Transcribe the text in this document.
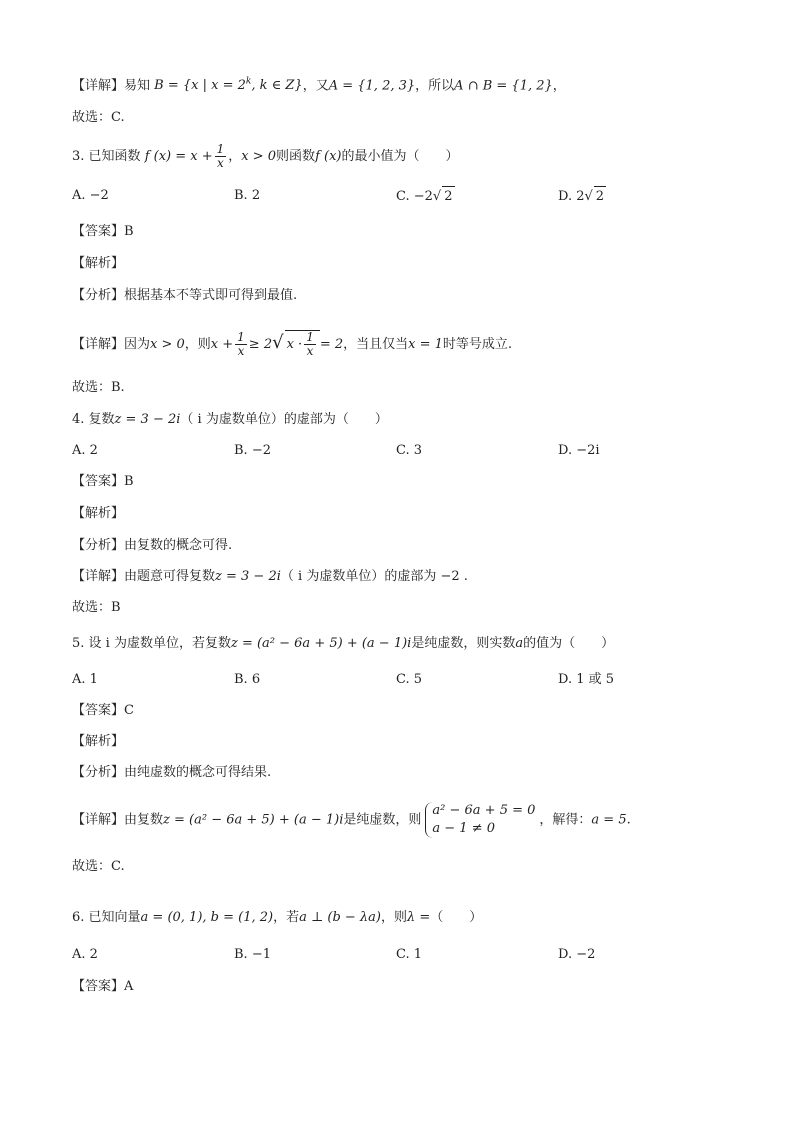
【详解】易知 B = {x | $x = 2^k$, k ∈ Z}，又A = {1, 2, 3}，所以A ∩ B = {1, 2}，
故选：C.
3. 已知函数 f $(x) = x + \frac{1}{x}$ ，x > 0则函数f (x)的最小值为（　　）
A. −2	B. 2	C. −2√ 2	D. 2√ 2
【答案】B
【解析】
【分析】根据基本不等式即可得到最值.
【详解】因为x > 0，则$x + \frac{1}{x} \ge 2√$ $x \cdot \frac{1}{x} = 2$，当且仅当x = 1时等号成立.
故选：B.
4. 复数z = 3 − 2i（ i 为虚数单位）的虚部为（　　）
A. 2	B. −2	C. 3	D. −2i
【答案】B
【解析】
【分析】由复数的概念可得.
【详解】由题意可得复数z = 3 − 2i（ i 为虚数单位）的虚部为 −2 .
故选：B
5. 设 i 为虚数单位，若复数z = (a² − 6a + 5) + (a − 1)i是纯虚数，则实数a的值为（　　）
A. 1	B. 6	C. 5	D. 1 或 5
【答案】C
【解析】
【分析】由纯虚数的概念可得结果.
【详解】由复数z = (a² − 6a + 5) + (a − 1)i是纯虚数，则
a² − 6a + 5 = 0
a − 1 ≠ 0
，解得：a = 5.
故选：C.
6. 已知向量a = (0, 1), b = (1, 2)，若a ⊥ (b − λa)，则λ =（　　）
A. 2	B. −1	C. 1	D. −2
【答案】A
